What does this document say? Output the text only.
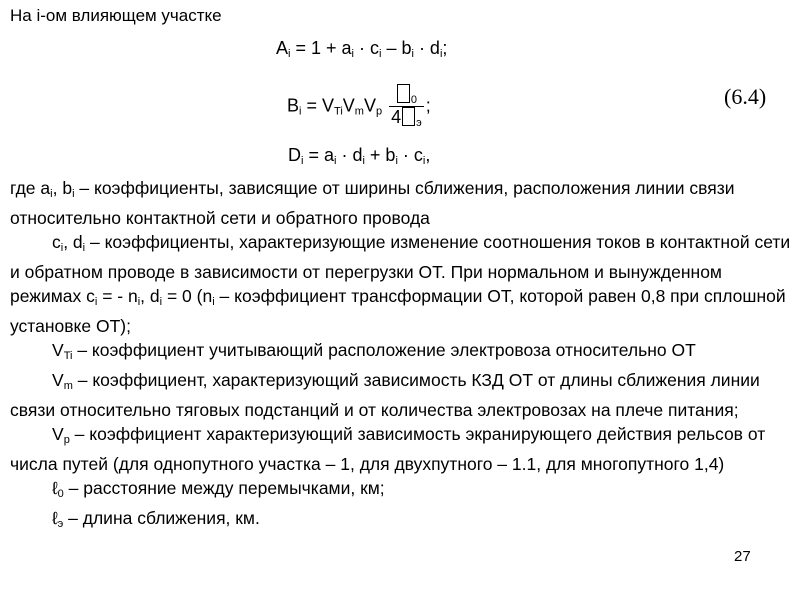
На i-ом влияющем участке
$A_i = 1 + a_i \cdot c_i - b_i \cdot d_i$;
$B_i = V_{Ti}V_mV_p \frac{_0}{4 _э}$ ;	(6.4)
$D_i = a_i \cdot d_i + b_i \cdot c_i$,

где $a_i$, $b_i$ – коэффициенты, зависящие от ширины сближения, расположения линии связи относительно контактной сети и обратного провода

$c_i$, $d_i$ – коэффициенты, характеризующие изменение соотношения токов в контактной сети и обратном проводе в зависимости от перегрузки ОТ. При нормальном и вынужденном режимах $c_i$ = - $n_i$, $d_i = 0$ ($n_i$ – коэффициент трансформации ОТ, которой равен 0,8 при сплошной установке ОТ);

$V_{Ti}$ – коэффициент учитывающий расположение электровоза относительно ОТ

$V_m$ – коэффициент, характеризующий зависимость КЗД ОТ от длины сближения линии связи относительно тяговых подстанций и от количества электровозах на плече питания;

$V_p$ – коэффициент характеризующий зависимость экранирующего действия рельсов от числа путей (для однопутного участка – 1, для двухпутного – 1.1, для многопутного 1,4)

ℓ$_0$ – расстояние между перемычками, км;

ℓ$_э$ – длина сближения, км.

27
